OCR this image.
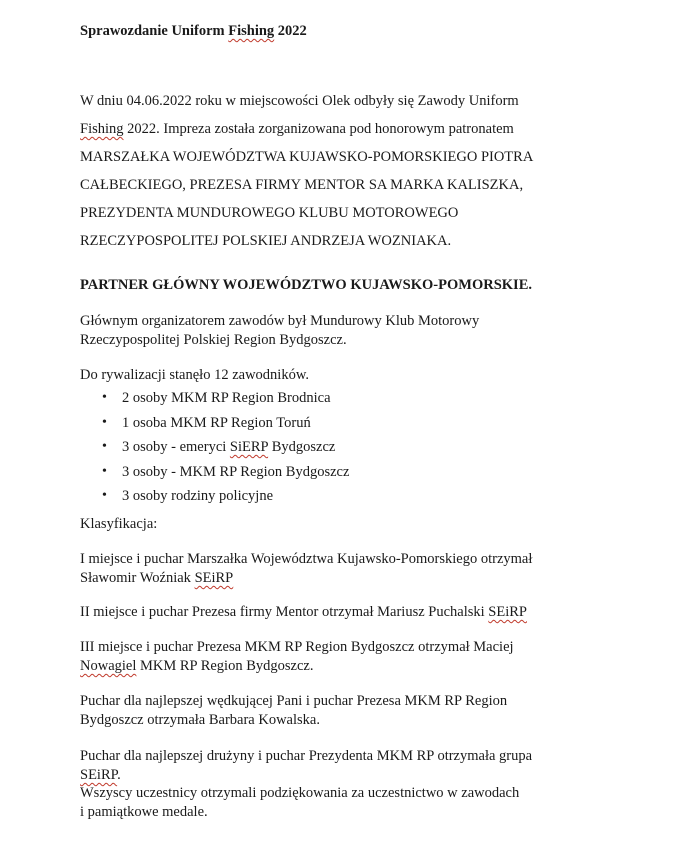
Sprawozdanie Uniform Fishing 2022
W dniu 04.06.2022 roku w miejscowości Olek odbyły się Zawody Uniform
Fishing 2022. Impreza została zorganizowana pod honorowym patronatem
MARSZAŁKA WOJEWÓDZTWA KUJAWSKO-POMORSKIEGO PIOTRA
CAŁBECKIEGO, PREZESA FIRMY MENTOR SA MARKA KALISZKA,
PREZYDENTA MUNDUROWEGO KLUBU MOTOROWEGO
RZECZYPOSPOLITEJ POLSKIEJ ANDRZEJA WOZNIAKA.
PARTNER GŁÓWNY WOJEWÓDZTWO KUJAWSKO-POMORSKIE.
Głównym organizatorem zawodów był Mundurowy Klub Motorowy
Rzeczypospolitej Polskiej Region Bydgoszcz.
Do rywalizacji stanęło 12 zawodników.
• 2 osoby MKM RP Region Brodnica
• 1 osoba MKM RP Region Toruń
• 3 osoby - emeryci SiERP Bydgoszcz
• 3 osoby - MKM RP Region Bydgoszcz
• 3 osoby rodziny policyjne
Klasyfikacja:
I miejsce i puchar Marszałka Województwa Kujawsko-Pomorskiego otrzymał
Sławomir Woźniak SEiRP
II miejsce i puchar Prezesa firmy Mentor otrzymał Mariusz Puchalski SEiRP
III miejsce i puchar Prezesa MKM RP Region Bydgoszcz otrzymał Maciej
Nowagiel MKM RP Region Bydgoszcz.
Puchar dla najlepszej wędkującej Pani i puchar Prezesa MKM RP Region
Bydgoszcz otrzymała Barbara Kowalska.
Puchar dla najlepszej drużyny i puchar Prezydenta MKM RP otrzymała grupa
SEiRP.
Wszyscy uczestnicy otrzymali podziękowania za uczestnictwo w zawodach
i pamiątkowe medale.
